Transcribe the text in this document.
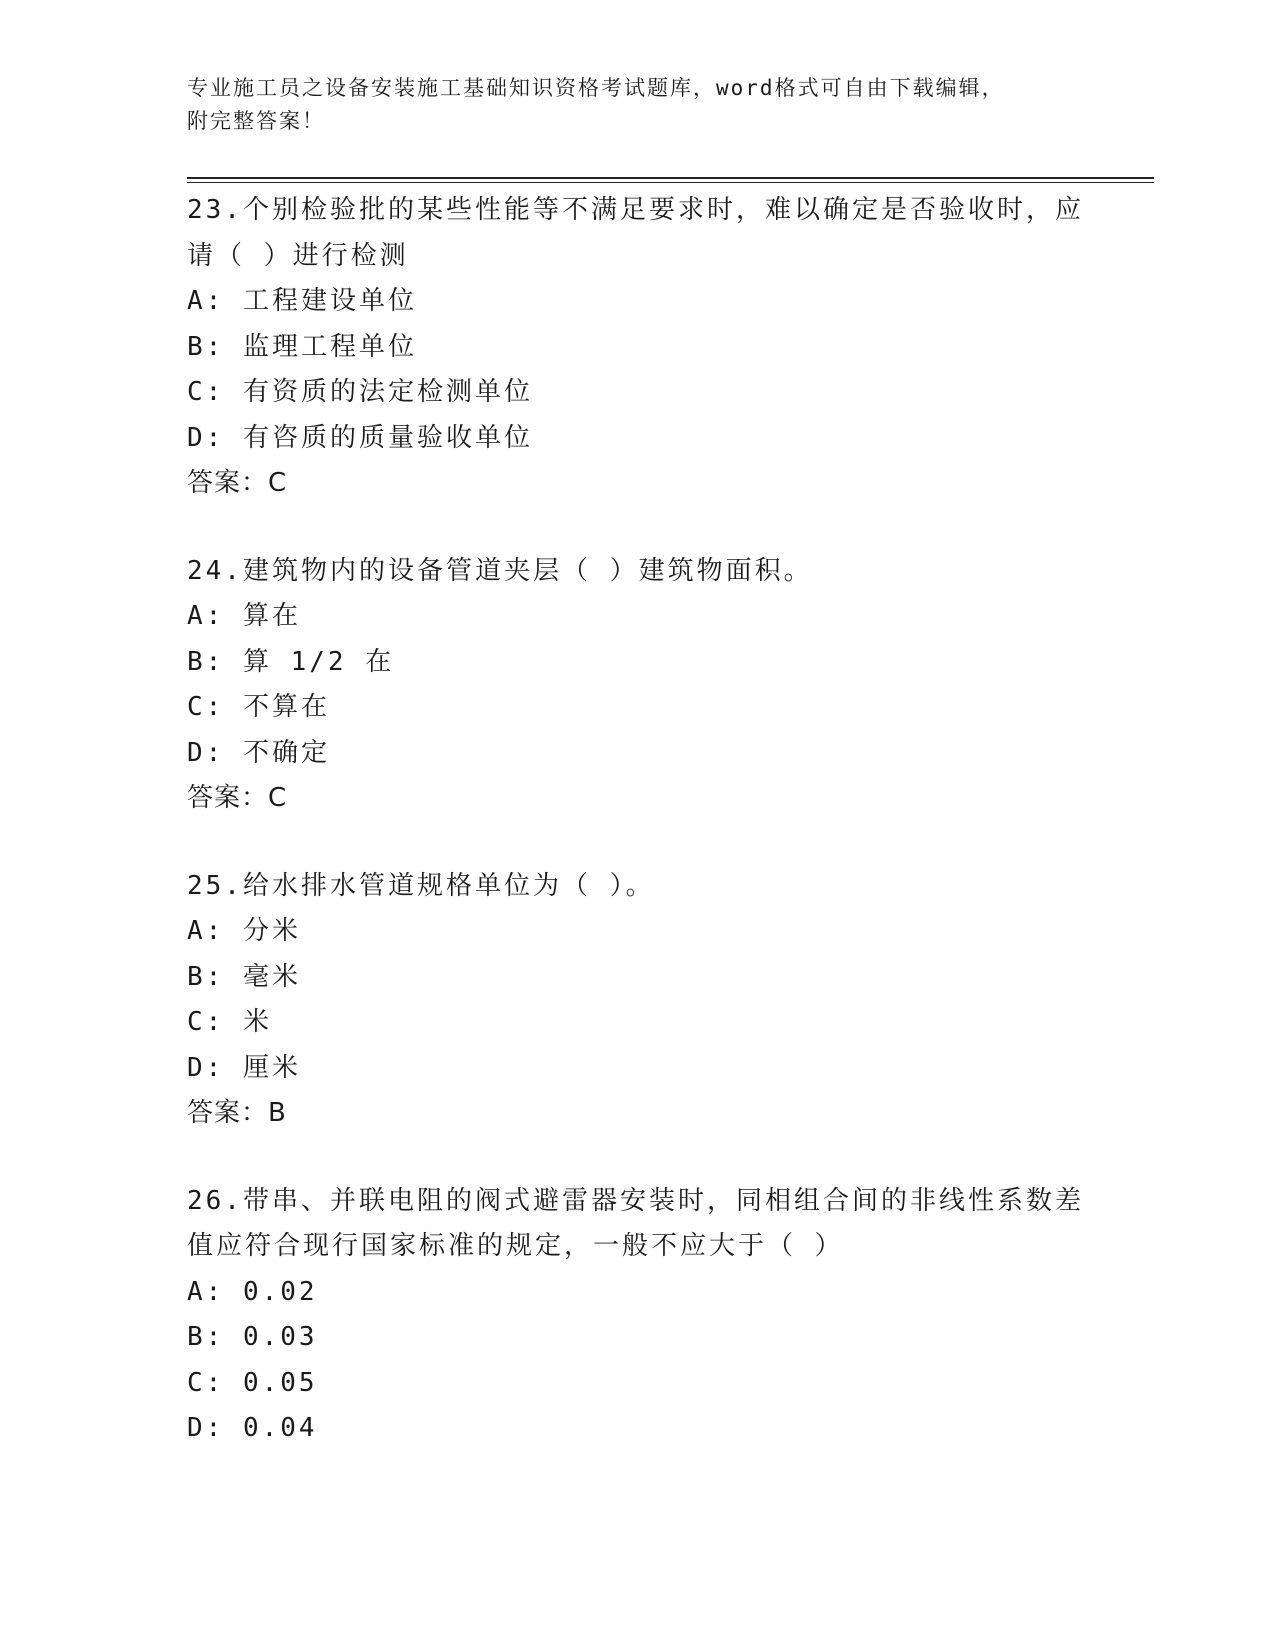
专业施工员之设备安装施工基础知识资格考试题库，word格式可自由下载编辑，
附完整答案！
23.个别检验批的某些性能等不满足要求时，难以确定是否验收时，应
请（ ）进行检测
A: 工程建设单位
B: 监理工程单位
C: 有资质的法定检测单位
D: 有咨质的质量验收单位
答案：C
24.建筑物内的设备管道夹层（ ）建筑物面积。
A: 算在
B: 算 1/2 在
C: 不算在
D: 不确定
答案：C
25.给水排水管道规格单位为（ ）。
A: 分米
B: 毫米
C: 米
D: 厘米
答案：B
26.带串、并联电阻的阀式避雷器安装时，同相组合间的非线性系数差
值应符合现行国家标准的规定，一般不应大于（ ）
A: 0.02
B: 0.03
C: 0.05
D: 0.04
